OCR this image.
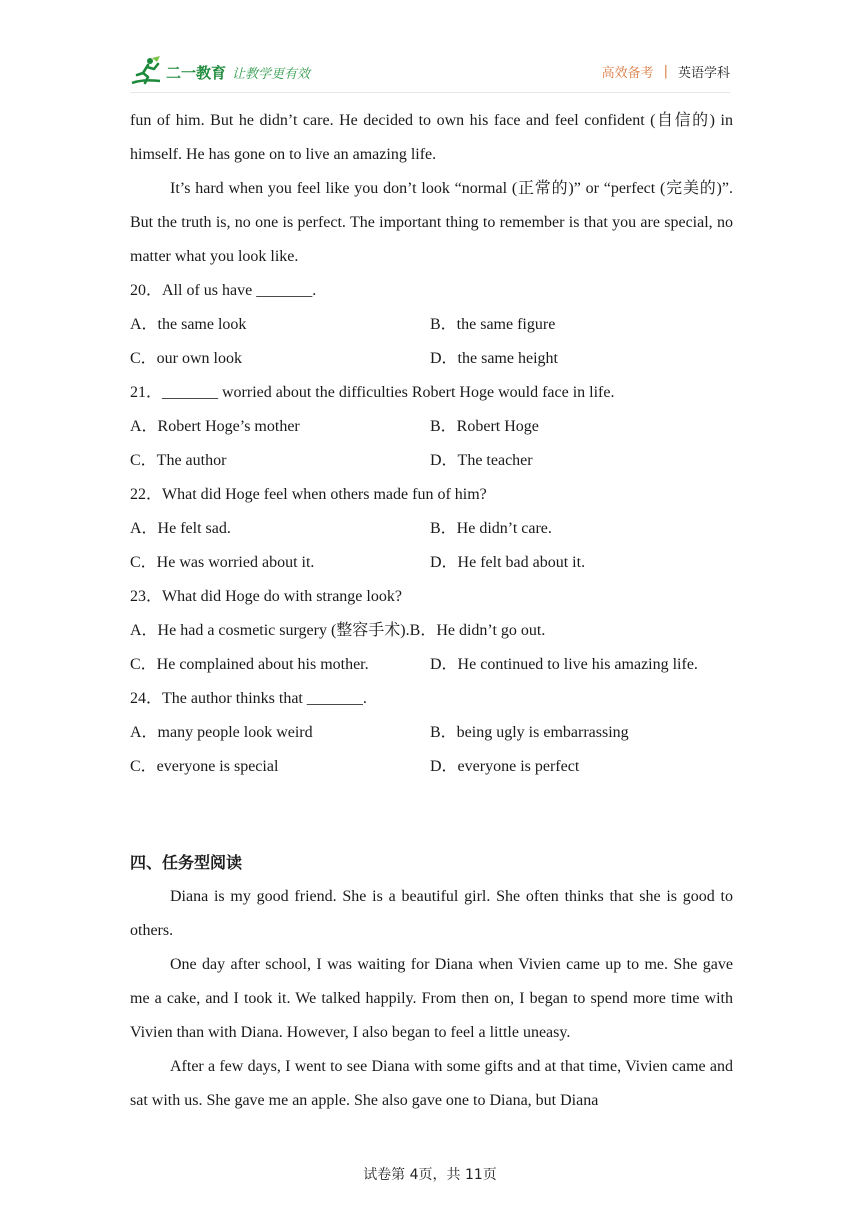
二一教育 让教学更有效	高效备考 | 英语学科

fun of him. But he didn’t care. He decided to own his face and feel confident (自信的) in himself. He has gone on to live an amazing life.

It’s hard when you feel like you don’t look “normal (正常的)” or “perfect (完美的)”. But the truth is, no one is perfect. The important thing to remember is that you are special, no matter what you look like.

20．All of us have _______.

A．the same look	B．the same figure
C．our own look	D．the same height

21．_______ worried about the difficulties Robert Hoge would face in life.

A．Robert Hoge’s mother	B．Robert Hoge
C．The author	D．The teacher

22．What did Hoge feel when others made fun of him?

A．He felt sad.	B．He didn’t care.
C．He was worried about it.	D．He felt bad about it.

23．What did Hoge do with strange look?

A．He had a cosmetic surgery (整容手术). B．He didn’t go out.
C．He complained about his mother.	D．He continued to live his amazing life.

24．The author thinks that _______.

A．many people look weird	B．being ugly is embarrassing
C．everyone is special	D．everyone is perfect
四、任务型阅读

Diana is my good friend. She is a beautiful girl. She often thinks that she is good to others.

One day after school, I was waiting for Diana when Vivien came up to me. She gave me a cake, and I took it. We talked happily. From then on, I began to spend more time with Vivien than with Diana. However, I also began to feel a little uneasy.

After a few days, I went to see Diana with some gifts and at that time, Vivien came and sat with us. She gave me an apple. She also gave one to Diana, but Diana

试卷第 4页，共 11页
